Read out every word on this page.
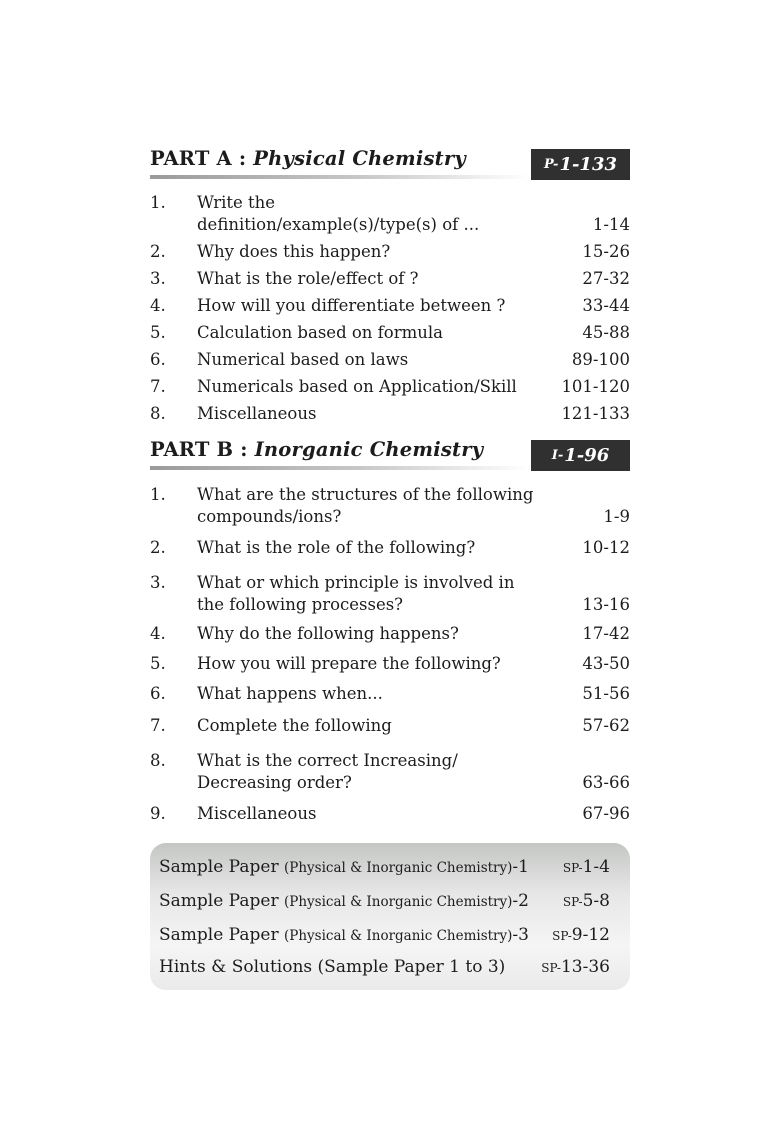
PART A : Physical Chemistry	P- 1-133
1. Write the
definition/example(s)/type(s) of ...	1-14
2. Why does this happen?	15-26
3. What is the role/effect of ?	27-32
4. How will you differentiate between ?	33-44
5. Calculation based on formula	45-88
6. Numerical based on laws	89-100
7. Numericals based on Application/Skill	101-120
8. Miscellaneous	121-133
PART B : Inorganic Chemistry	I- 1-96
1. What are the structures of the following
compounds/ions?	1-9
2. What is the role of the following?	10-12
3. What or which principle is involved in
the following processes?	13-16
4. Why do the following happens?	17-42
5. How you will prepare the following?	43-50
6. What happens when...	51-56
7. Complete the following	57-62
8. What is the correct Increasing/
Decreasing order?	63-66
9. Miscellaneous	67-96
Sample Paper (Physical & Inorganic Chemistry)-1	SP-1-4
Sample Paper (Physical & Inorganic Chemistry)-2	SP-5-8
Sample Paper (Physical & Inorganic Chemistry)-3 SP-9-12
Hints & Solutions (Sample Paper 1 to 3)	SP-13-36
